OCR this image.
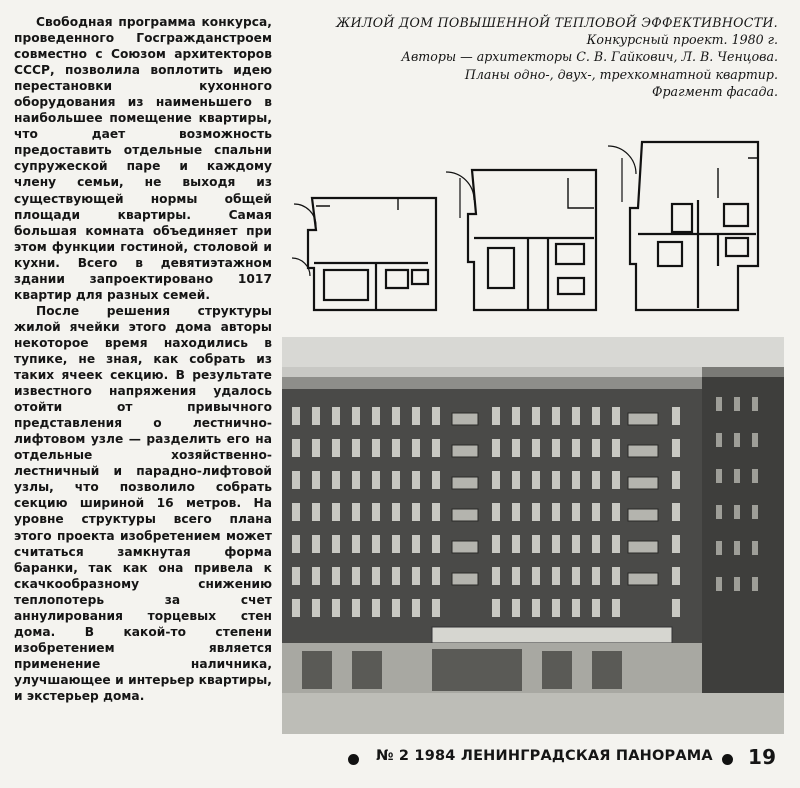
Свободная программа конкурса, проведенного Госгражданстроем совместно с Союзом архитекторов СССР, позволила воплотить идею перестановки кухонного оборудования из наименьшего в наибольшее помещение квартиры, что дает возможность предоставить отдельные спальни супружеской паре и каждому члену семьи, не выходя из существующей нормы общей площади квартиры. Самая большая комната объединяет при этом функции гостиной, столовой и кухни. Всего в девятиэтажном здании запроектировано 1017 квартир для разных семей.

После решения структуры жилой ячейки этого дома авторы некоторое время находились в тупике, не зная, как собрать из таких ячеек секцию. В результате известного напряжения удалось отойти от привычного представления о лестнично-лифтовом узле — разделить его на отдельные хозяйственно-лестничный и парадно-лифтовой узлы, что позволило собрать секцию шириной 16 метров. На уровне структуры всего плана этого проекта изобретением может считаться замкнутая форма баранки, так как она привела к скачкообразному снижению теплопотерь за счет аннулирования торцевых стен дома. В какой-то степени изобретением является применение наличника, улучшающее и интерьер квартиры, и экстерьер дома.

ЖИЛОЙ ДОМ ПОВЫШЕННОЙ ТЕПЛОВОЙ ЭФФЕКТИВНОСТИ.
Конкурсный проект. 1980 г.
Авторы — архитекторы С. В. Гайкович, Л. В. Ченцова.
Планы одно-, двух-, трехкомнатной квартир.
Фрагмент фасада.
№ 2 1984 ЛЕНИНГРАДСКАЯ ПАНОРАМА 19
